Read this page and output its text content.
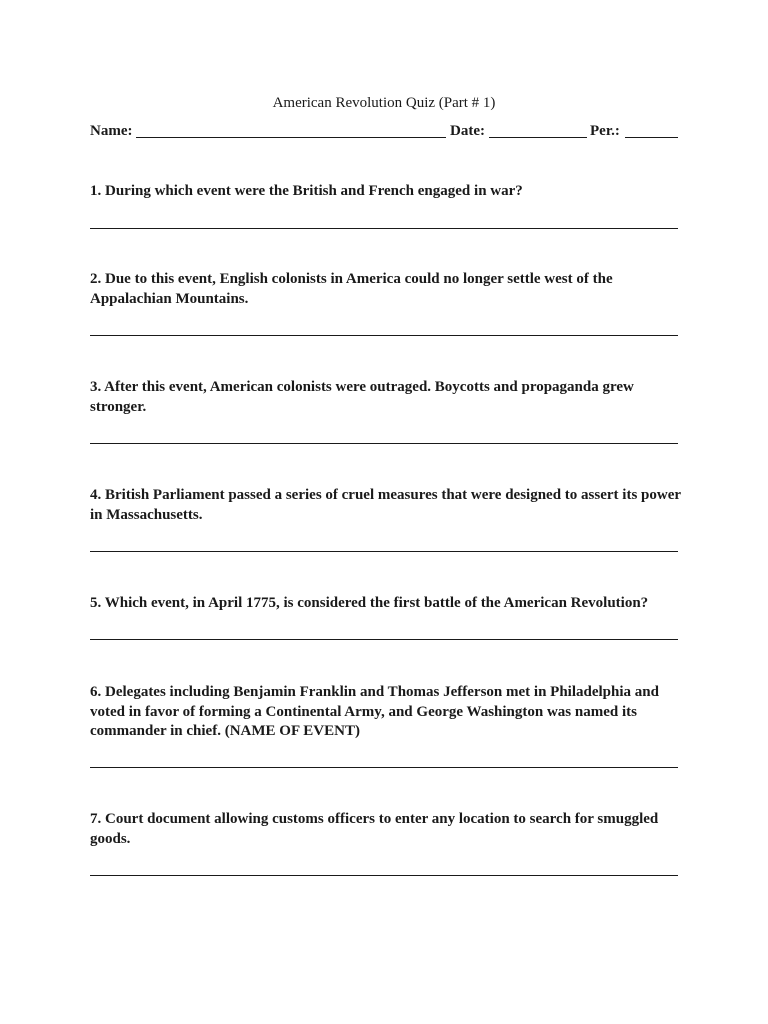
American Revolution Quiz (Part # 1)
Name:	Date:	Per.:
1. During which event were the British and French engaged in war?
2. Due to this event, English colonists in America could no longer settle west of the Appalachian Mountains.
3. After this event, American colonists were outraged. Boycotts and propaganda grew stronger.
4. British Parliament passed a series of cruel measures that were designed to assert its power in Massachusetts.
5. Which event, in April 1775, is considered the first battle of the American Revolution?
6. Delegates including Benjamin Franklin and Thomas Jefferson met in Philadelphia and voted in favor of forming a Continental Army, and George Washington was named its commander in chief. (NAME OF EVENT)
7. Court document allowing customs officers to enter any location to search for smuggled goods.
